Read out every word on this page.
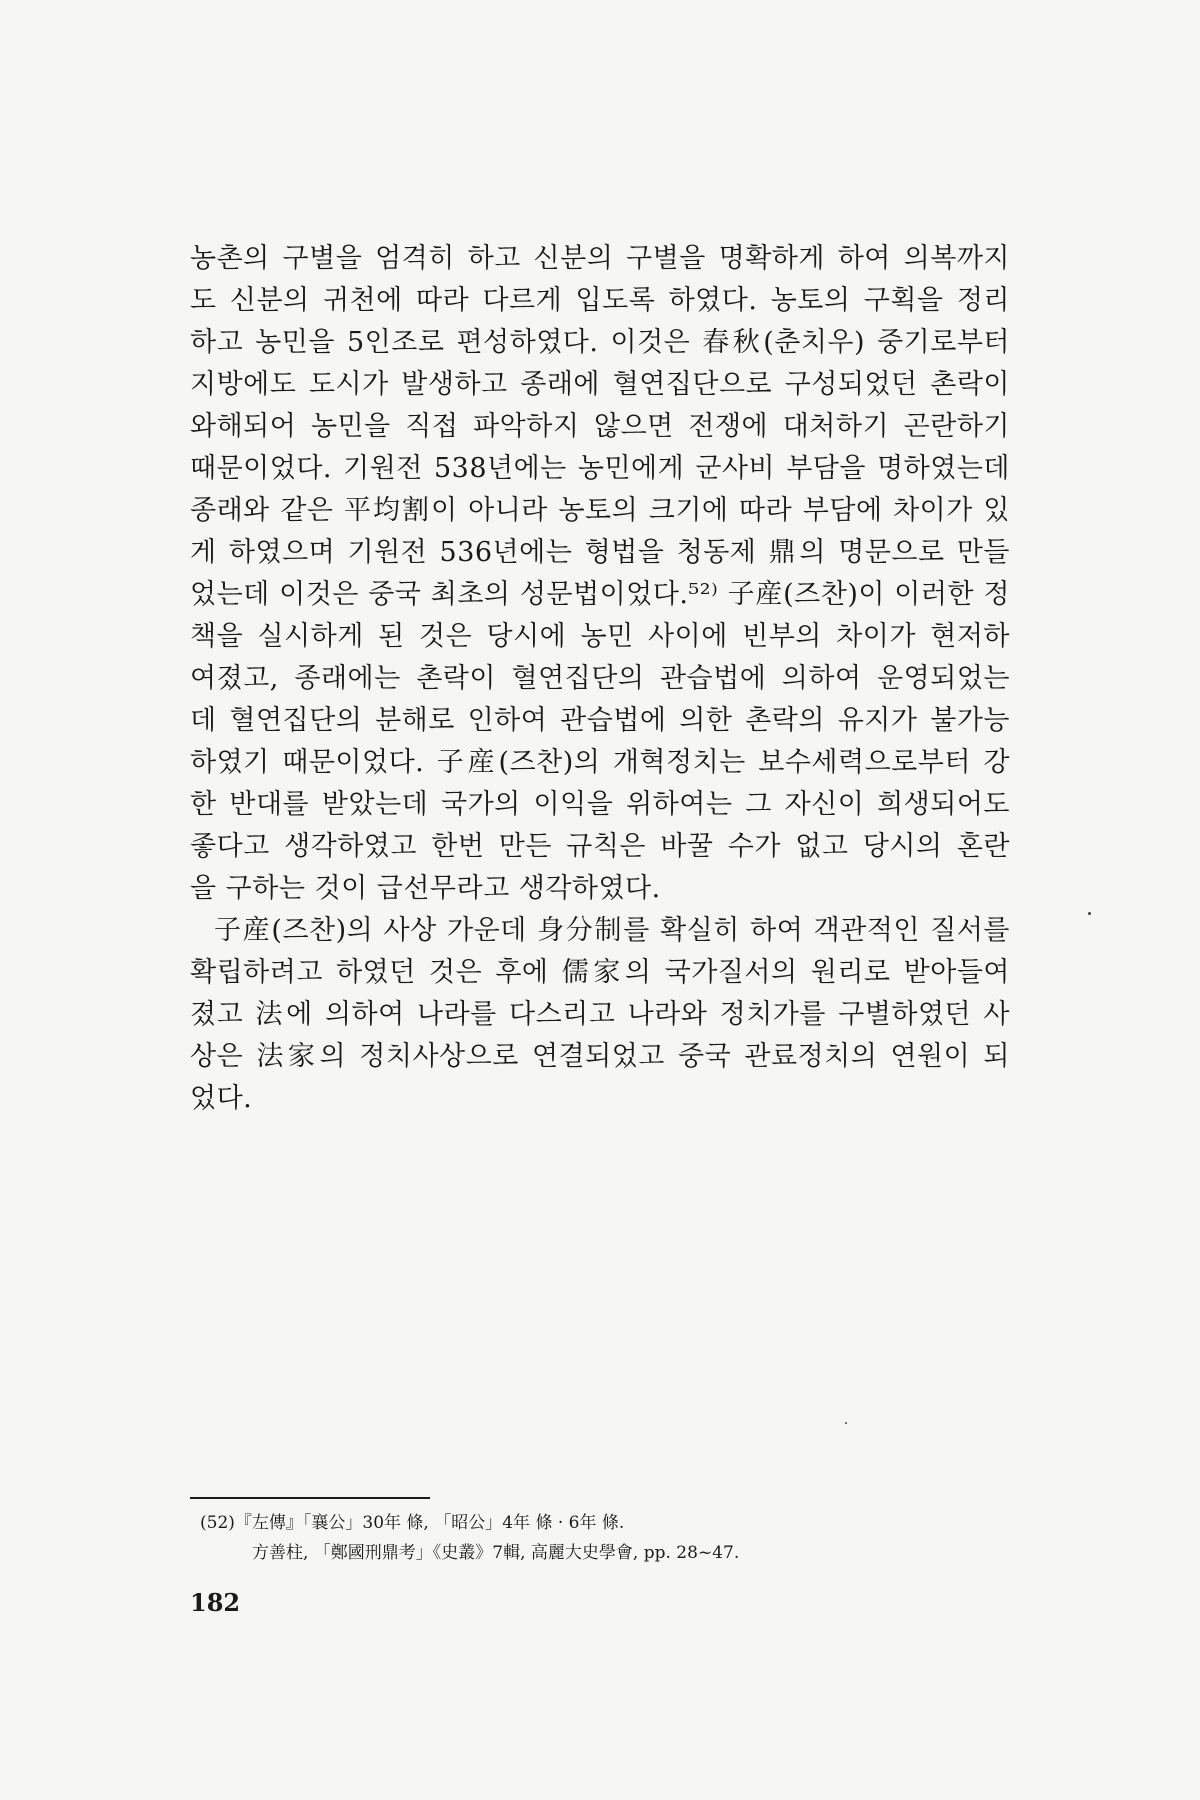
농촌의 구별을 엄격히 하고 신분의 구별을 명확하게 하여 의복까지
도 신분의 귀천에 따라 다르게 입도록 하였다. 농토의 구획을 정리
하고 농민을 5인조로 편성하였다. 이것은 春秋(춘치우) 중기로부터
지방에도 도시가 발생하고 종래에 혈연집단으로 구성되었던 촌락이
와해되어 농민을 직접 파악하지 않으면 전쟁에 대처하기 곤란하기
때문이었다. 기원전 538년에는 농민에게 군사비 부담을 명하였는데
종래와 같은 平均割이 아니라 농토의 크기에 따라 부담에 차이가 있
게 하였으며 기원전 536년에는 형법을 청동제 鼎의 명문으로 만들
었는데 이것은 중국 최초의 성문법이었다.⁵²⁾ 子産(즈찬)이 이러한 정
책을 실시하게 된 것은 당시에 농민 사이에 빈부의 차이가 현저하
여졌고, 종래에는 촌락이 혈연집단의 관습법에 의하여 운영되었는
데 혈연집단의 분해로 인하여 관습법에 의한 촌락의 유지가 불가능
하였기 때문이었다. 子産(즈찬)의 개혁정치는 보수세력으로부터 강
한 반대를 받았는데 국가의 이익을 위하여는 그 자신이 희생되어도
좋다고 생각하였고 한번 만든 규칙은 바꿀 수가 없고 당시의 혼란
을 구하는 것이 급선무라고 생각하였다.
子産(즈찬)의 사상 가운데 身分制를 확실히 하여 객관적인 질서를
확립하려고 하였던 것은 후에 儒家의 국가질서의 원리로 받아들여
졌고 法에 의하여 나라를 다스리고 나라와 정치가를 구별하였던 사
상은 法家의 정치사상으로 연결되었고 중국 관료정치의 연원이 되
었다.
(52)『左傳』「襄公」30年 條, 「昭公」4年 條 · 6年 條.
方善柱, 「鄭國刑鼎考」《史叢》7輯, 高麗大史學會, pp. 28~47.
182
